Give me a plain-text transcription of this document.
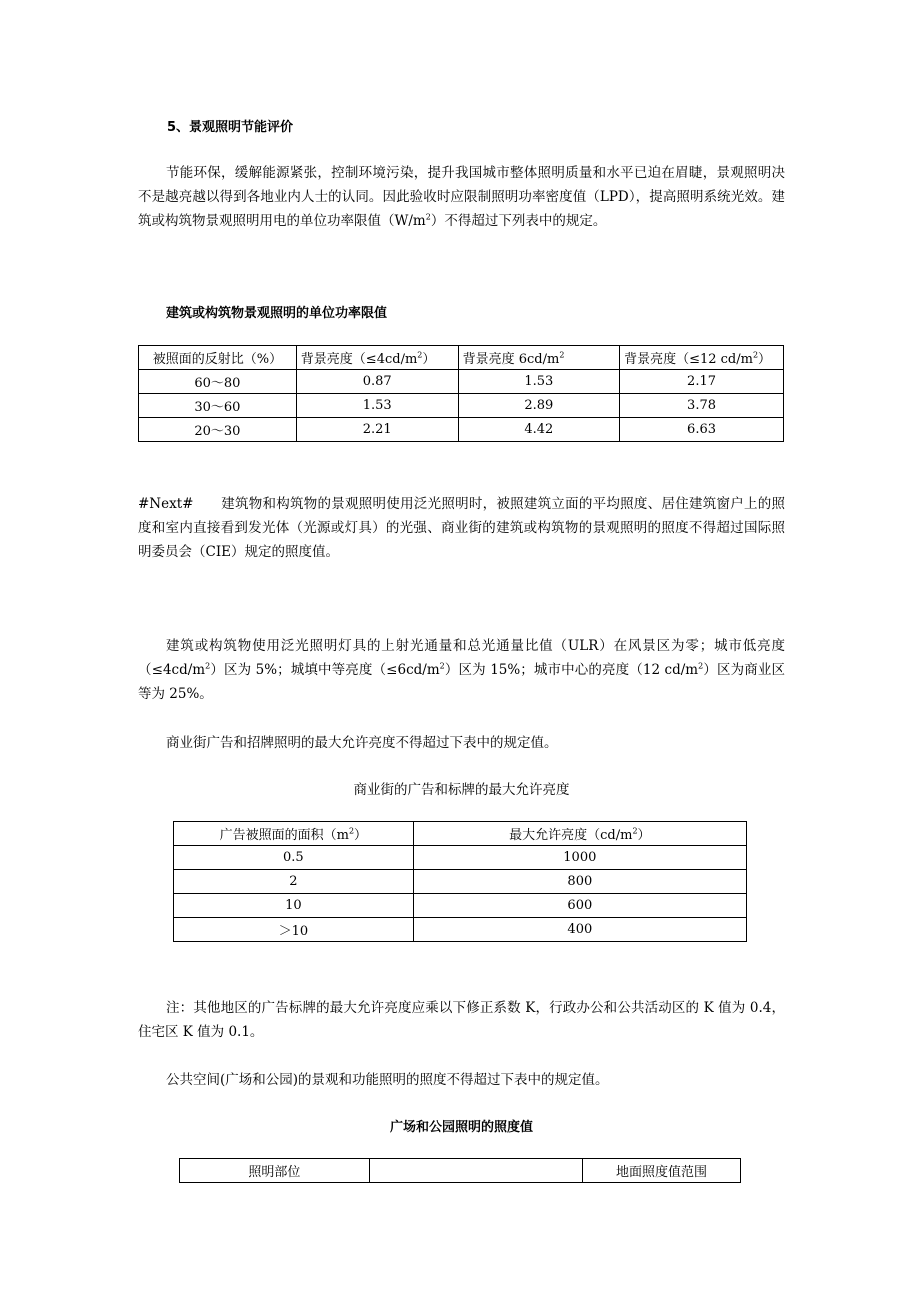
5、景观照明节能评价
节能环保，缓解能源紧张，控制环境污染，提升我国城市整体照明质量和水平已迫在眉睫，景观照明决不是越亮越以得到各地业内人士的认同。因此验收时应限制照明功率密度值（LPD），提高照明系统光效。建筑或构筑物景观照明用电的单位功率限值$(W/m^2)$不得超过下列表中的规定。
建筑或构筑物景观照明的单位功率限值
被照面的反射比（%）	背景亮度$(\le 4cd/m^2)$	背景亮度 $6cd/m^2$	背景亮度（≤12 $cd/m^2$）
60～80	0.87	1.53	2.17
30～60	1.53	2.89	3.78
20～30	2.21	4.42	6.63
#Next#　　建筑物和构筑物的景观照明使用泛光照明时，被照建筑立面的平均照度、居住建筑窗户上的照度和室内直接看到发光体（光源或灯具）的光强、商业街的建筑或构筑物的景观照明的照度不得超过国际照明委员会（CIE）规定的照度值。
建筑或构筑物使用泛光照明灯具的上射光通量和总光通量比值（ULR）在风景区为零；城市低亮度$(\le 4cd/m^2)$区为 5%；城填中等亮度$(\le 6cd/m^2)$区为 15%；城市中心的亮度（12 $cd/m^2$）区为商业区等为 25%。
商业街广告和招牌照明的最大允许亮度不得超过下表中的规定值。
商业街的广告和标牌的最大允许亮度
广告被照面的面积$(m^2)$	最大允许亮度$(cd/m^2)$
0.5	1000
2	800
10	600
＞10	400
注：其他地区的广告标牌的最大允许亮度应乘以下修正系数 K，行政办公和公共活动区的 K 值为 0.4，住宅区 K 值为 0.1。
公共空间(广场和公园)的景观和功能照明的照度不得超过下表中的规定值。
广场和公园照明的照度值
照明部位		地面照度值范围
